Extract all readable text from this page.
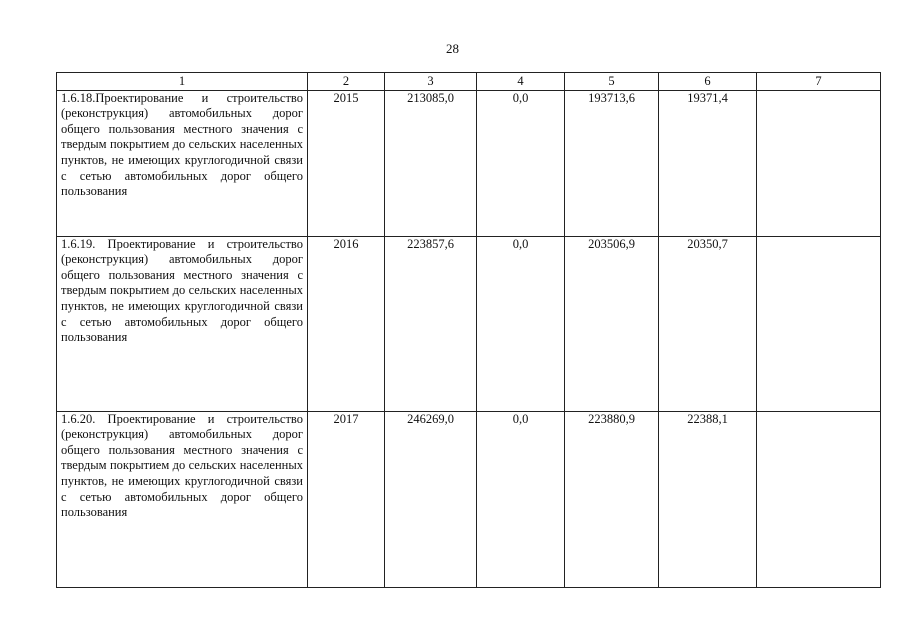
28
1	2	3	4	5	6	7
1.6.18.Проектирование и строительство (реконструкция) автомобильных дорог общего пользования местного значения с твердым покрытием до сельских населенных пунктов, не имеющих круглогодичной связи с сетью автомобильных дорог общего пользования	2015	213085,0	0,0	193713,6	19371,4	
1.6.19. Проектирование и строительство (реконструкция) автомобильных дорог общего пользования местного значения с твердым покрытием до сельских населенных пунктов, не имеющих круглогодичной связи с сетью автомобильных дорог общего пользования	2016	223857,6	0,0	203506,9	20350,7	
1.6.20. Проектирование и строительство (реконструкция) автомобильных дорог общего пользования местного значения с твердым покрытием до сельских населенных пунктов, не имеющих круглогодичной связи с сетью автомобильных дорог общего пользования	2017	246269,0	0,0	223880,9	22388,1	
